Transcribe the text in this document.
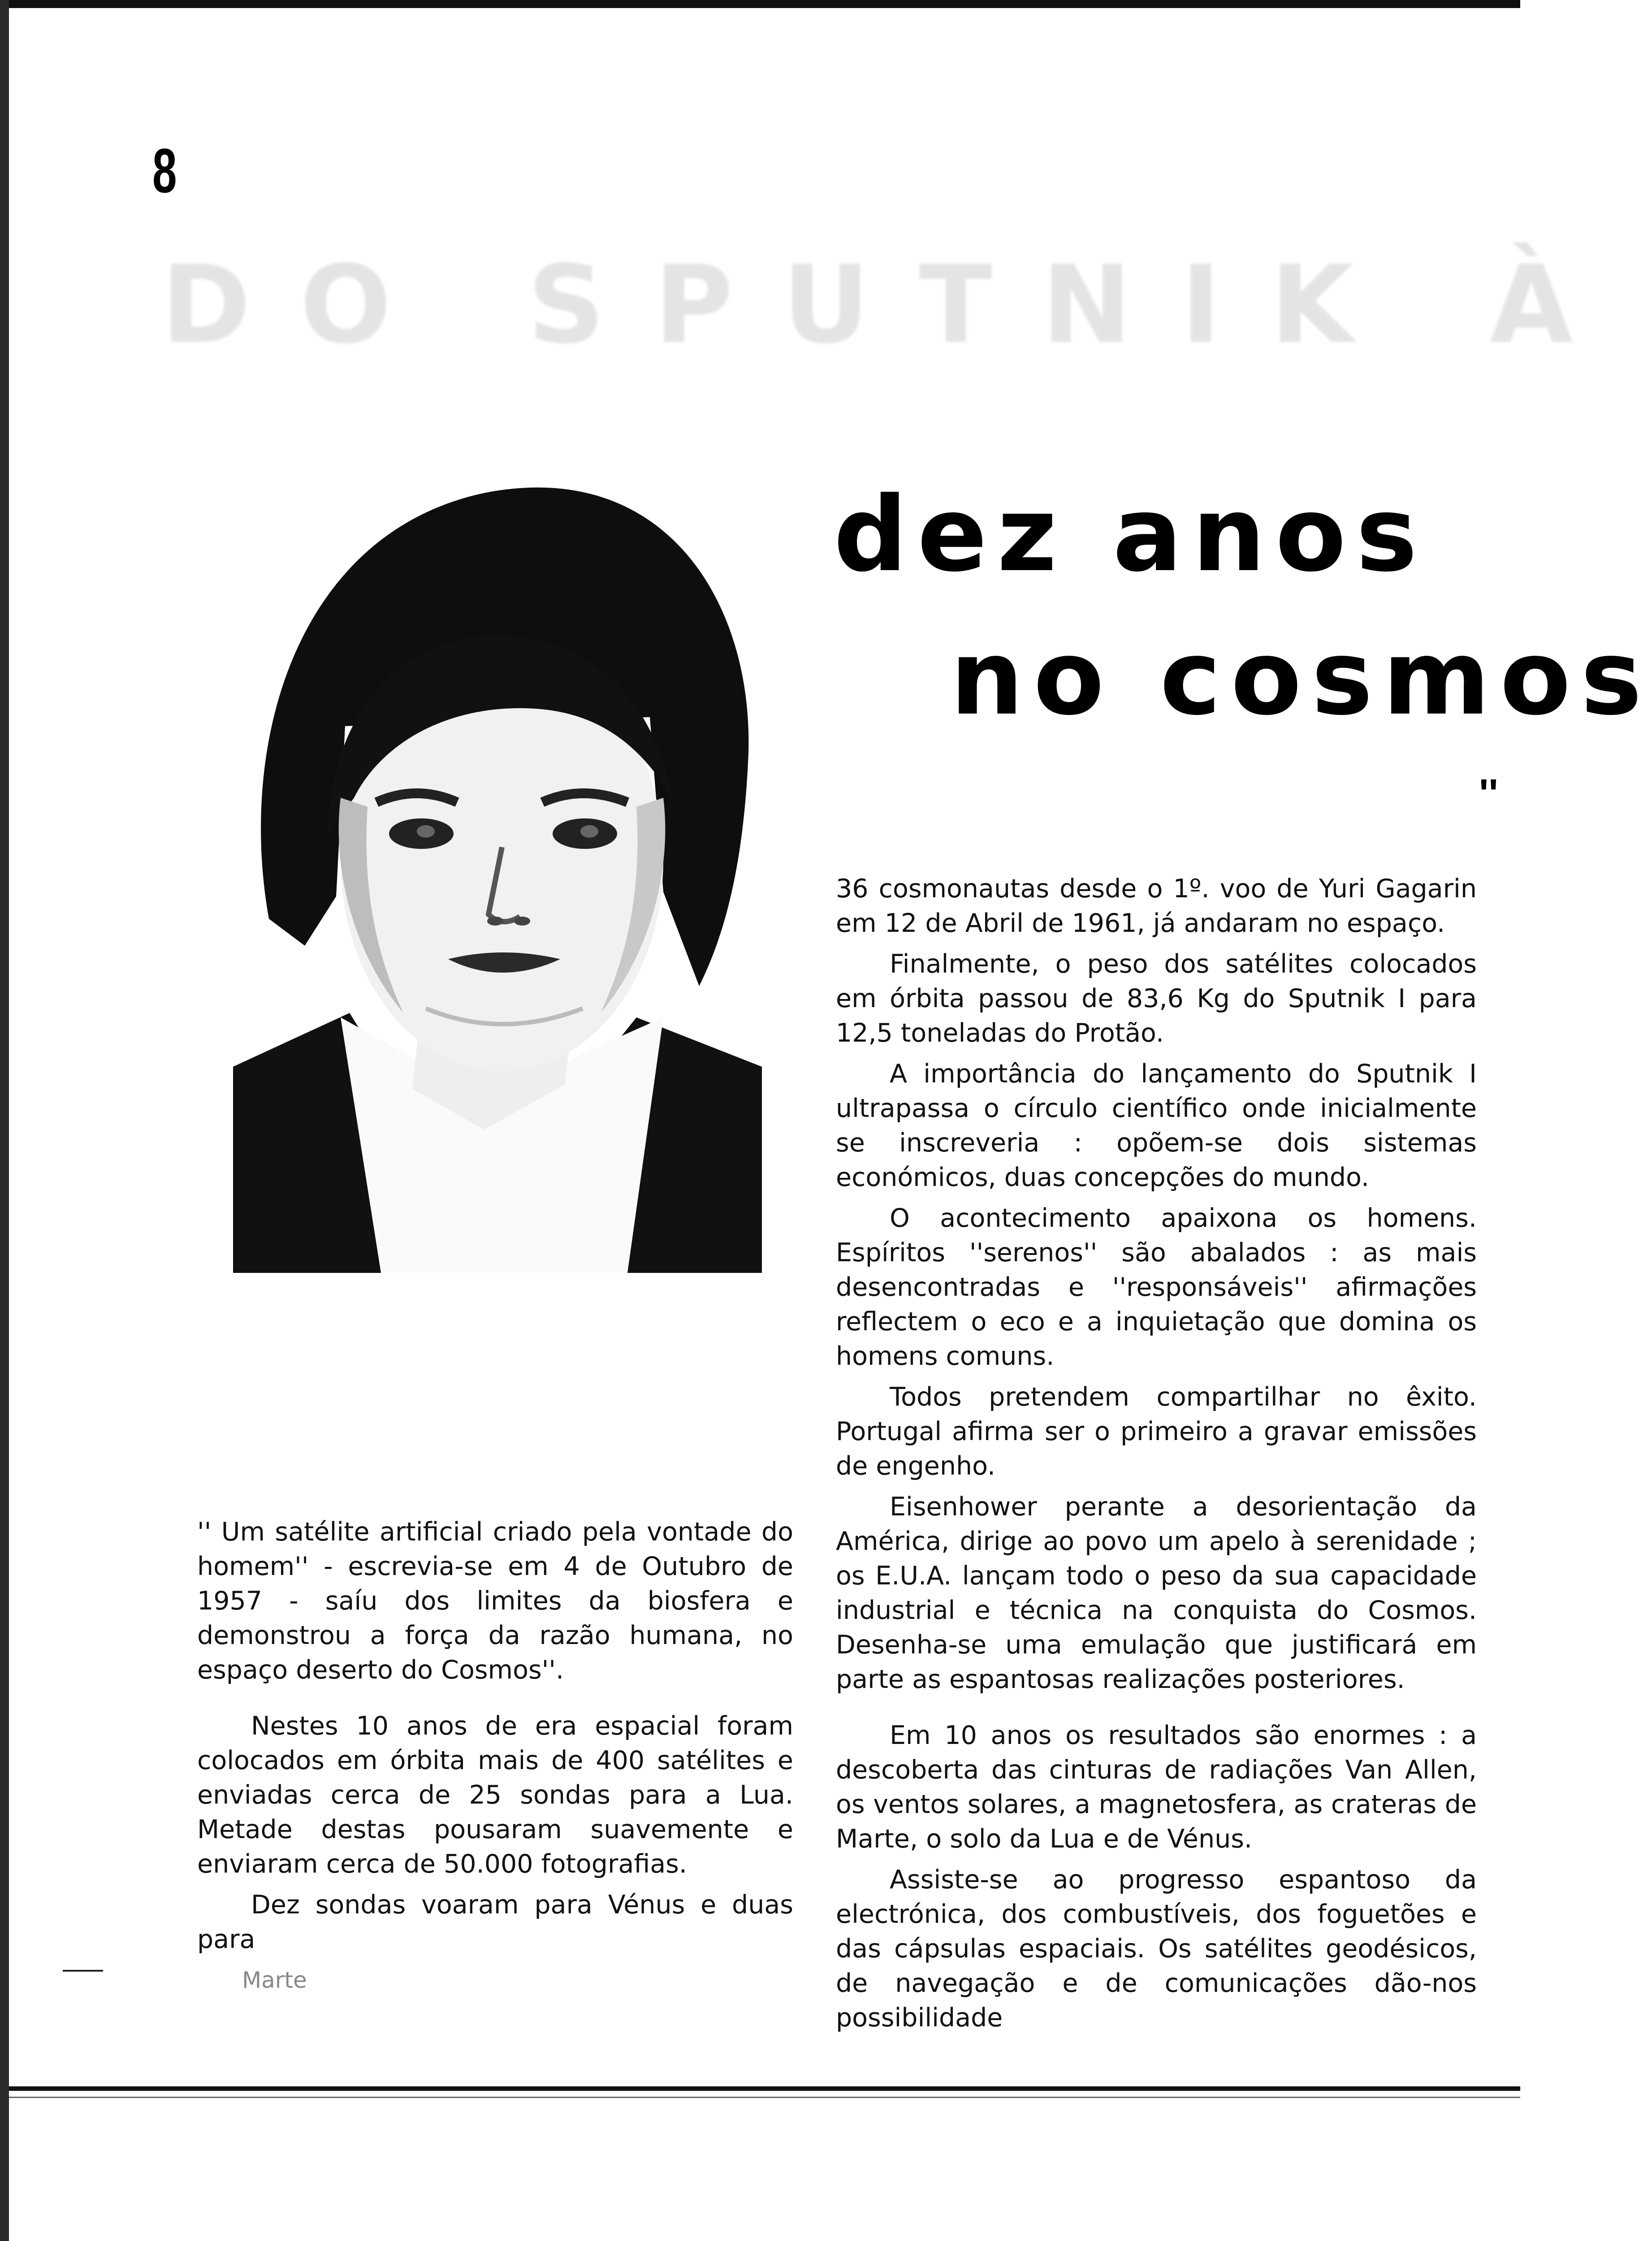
8
DO SPUTNIK À
dez anos
no cosmos
''

'' Um satélite artificial criado pela vontade do homem'' - escrevia-se em 4 de Outubro de 1957 - saíu dos limites da biosfera e demonstrou a força da razão humana, no espaço deserto do Cosmos''.

Nestes 10 anos de era espacial foram colocados em órbita mais de 400 satélites e enviadas cerca de 25 sondas para a Lua. Metade destas pousaram suavemente e enviaram cerca de 50.000 fotografias.

Dez sondas voaram para Vénus e duas para

Marte

36 cosmonautas desde o 1º. voo de Yuri Gagarin em 12 de Abril de 1961, já andaram no espaço.

Finalmente, o peso dos satélites colocados em órbita passou de 83,6 Kg do Sputnik I para 12,5 toneladas do Protão.

A importância do lançamento do Sputnik I ultrapassa o círculo científico onde inicialmente se inscreveria : opõem-se dois sistemas económicos, duas concepções do mundo.

O acontecimento apaixona os homens. Espíritos ''serenos'' são abalados : as mais desencontradas e ''responsáveis'' afirmações reflectem o eco e a inquietação que domina os homens comuns.

Todos pretendem compartilhar no êxito. Portugal afirma ser o primeiro a gravar emissões de engenho.

Eisenhower perante a desorientação da América, dirige ao povo um apelo à serenidade ; os E.U.A. lançam todo o peso da sua capacidade industrial e técnica na conquista do Cosmos. Desenha-se uma emulação que justificará em parte as espantosas realizações posteriores.

Em 10 anos os resultados são enormes : a descoberta das cinturas de radiações Van Allen, os ventos solares, a magnetosfera, as crateras de Marte, o solo da Lua e de Vénus.

Assiste-se ao progresso espantoso da electrónica, dos combustíveis, dos foguetões e das cápsulas espaciais. Os satélites geodésicos, de navegação e de comunicações dão-nos possibilidade
